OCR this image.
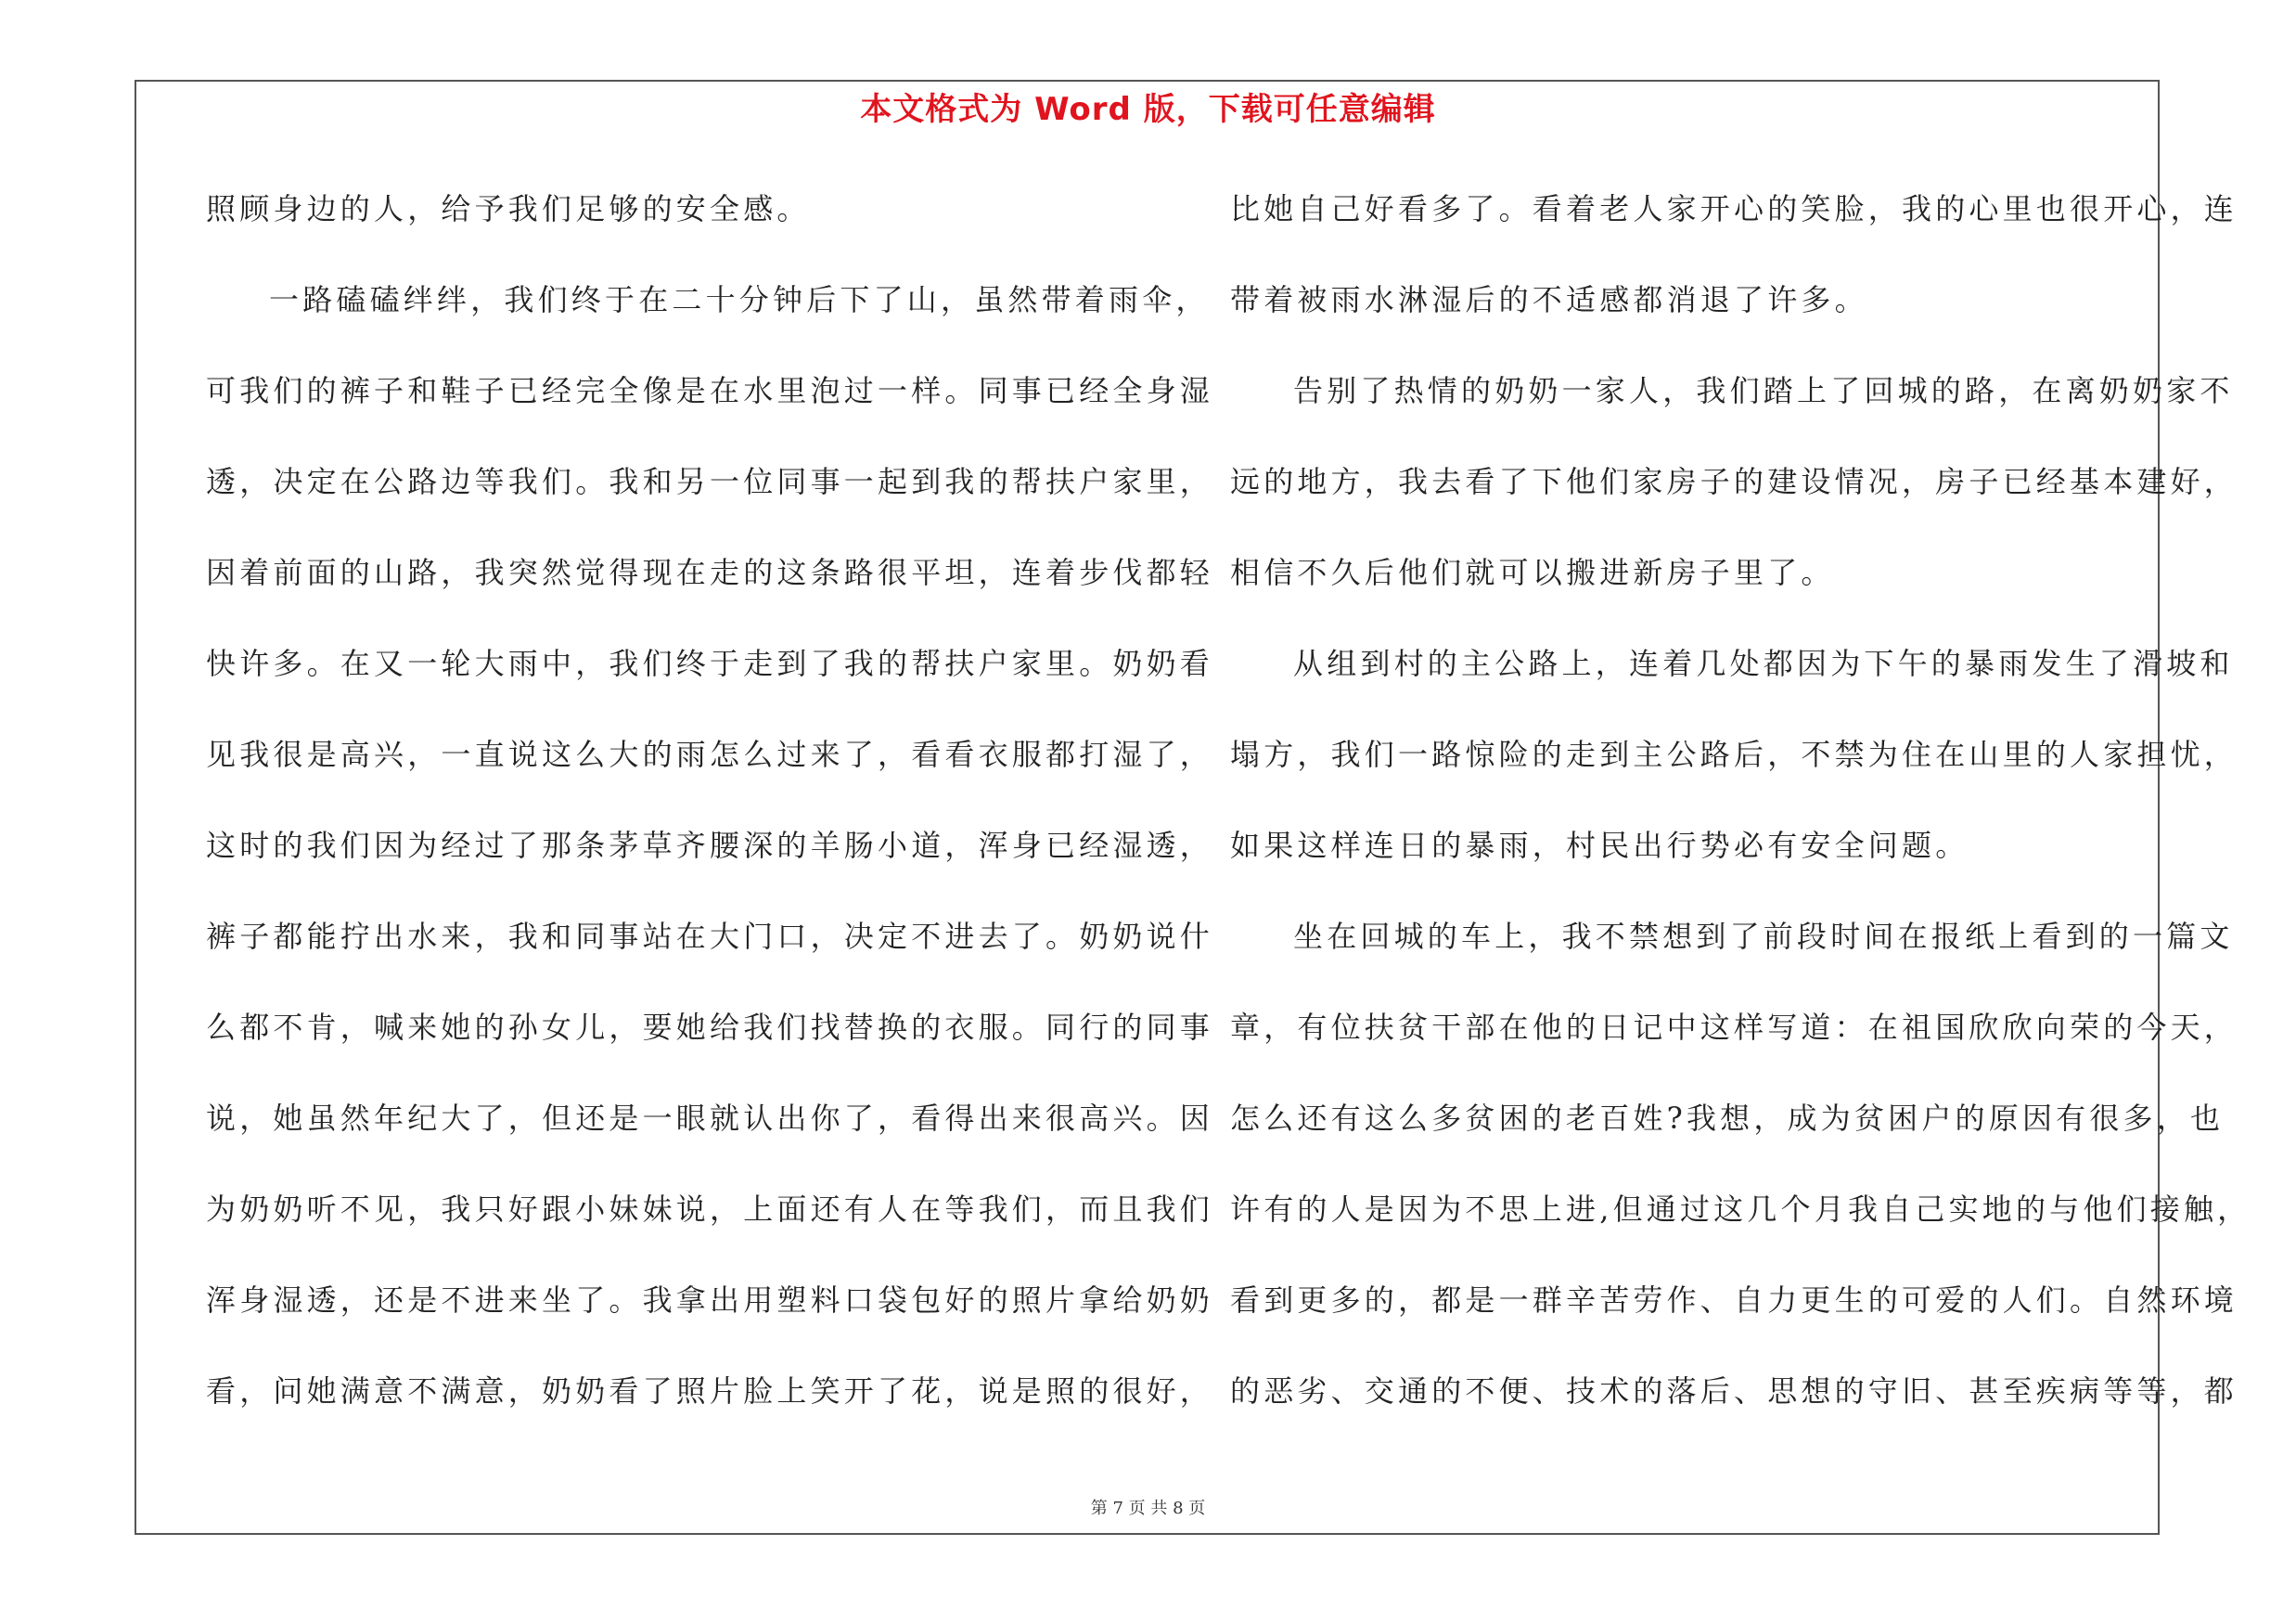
本文格式为 Word 版，下载可任意编辑
照顾身边的人，给予我们足够的安全感。
一路磕磕绊绊，我们终于在二十分钟后下了山，虽然带着雨伞，
可我们的裤子和鞋子已经完全像是在水里泡过一样。同事已经全身湿
透，决定在公路边等我们。我和另一位同事一起到我的帮扶户家里，
因着前面的山路，我突然觉得现在走的这条路很平坦，连着步伐都轻
快许多。在又一轮大雨中，我们终于走到了我的帮扶户家里。奶奶看
见我很是高兴，一直说这么大的雨怎么过来了，看看衣服都打湿了，
这时的我们因为经过了那条茅草齐腰深的羊肠小道，浑身已经湿透，
裤子都能拧出水来，我和同事站在大门口，决定不进去了。奶奶说什
么都不肯，喊来她的孙女儿，要她给我们找替换的衣服。同行的同事
说，她虽然年纪大了，但还是一眼就认出你了，看得出来很高兴。因
为奶奶听不见，我只好跟小妹妹说，上面还有人在等我们，而且我们
浑身湿透，还是不进来坐了。我拿出用塑料口袋包好的照片拿给奶奶
看，问她满意不满意，奶奶看了照片脸上笑开了花，说是照的很好，
比她自己好看多了。看着老人家开心的笑脸，我的心里也很开心，连
带着被雨水淋湿后的不适感都消退了许多。
告别了热情的奶奶一家人，我们踏上了回城的路，在离奶奶家不
远的地方，我去看了下他们家房子的建设情况，房子已经基本建好，
相信不久后他们就可以搬进新房子里了。
从组到村的主公路上，连着几处都因为下午的暴雨发生了滑坡和
塌方，我们一路惊险的走到主公路后，不禁为住在山里的人家担忧，
如果这样连日的暴雨，村民出行势必有安全问题。
坐在回城的车上，我不禁想到了前段时间在报纸上看到的一篇文
章，有位扶贫干部在他的日记中这样写道：在祖国欣欣向荣的今天，
怎么还有这么多贫困的老百姓?我想，成为贫困户的原因有很多，也
许有的人是因为不思上进,但通过这几个月我自己实地的与他们接触，
看到更多的，都是一群辛苦劳作、自力更生的可爱的人们。自然环境
的恶劣、交通的不便、技术的落后、思想的守旧、甚至疾病等等，都
第 7 页 共 8 页
